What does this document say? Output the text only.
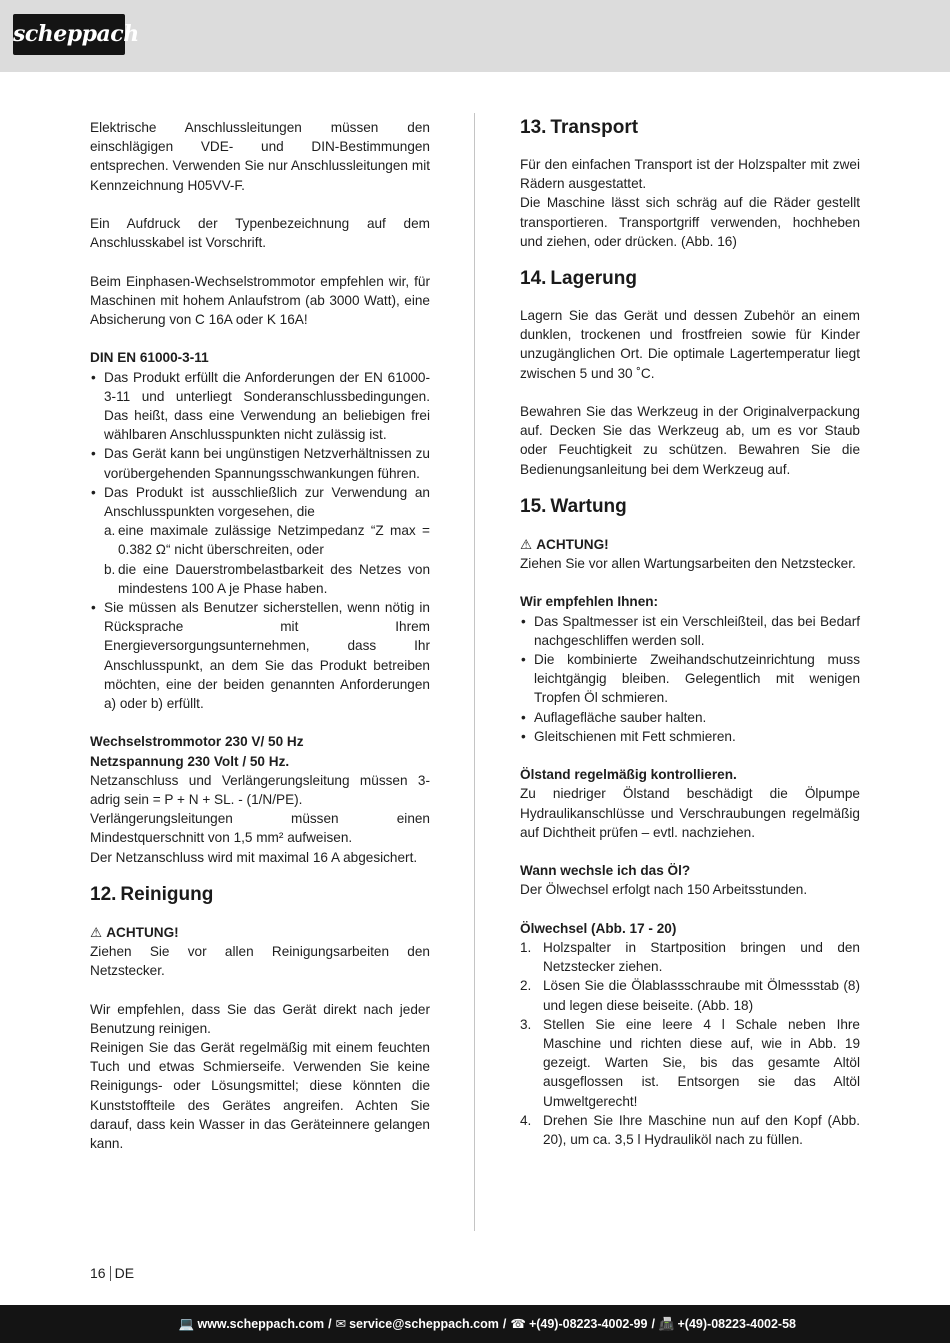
scheppach

Elektrische Anschlussleitungen müssen den einschlägigen VDE- und DIN-Bestimmungen entsprechen. Verwenden Sie nur Anschlussleitungen mit Kennzeichnung H05VV-F.

Ein Aufdruck der Typenbezeichnung auf dem Anschlusskabel ist Vorschrift.

Beim Einphasen-Wechselstrommotor empfehlen wir, für Maschinen mit hohem Anlaufstrom (ab 3000 Watt), eine Absicherung von C 16A oder K 16A!

DIN EN 61000-3-11

• Das Produkt erfüllt die Anforderungen der EN 61000-3-11 und unterliegt Sonderanschlussbedingungen. Das heißt, dass eine Verwendung an beliebigen frei wählbaren Anschlusspunkten nicht zulässig ist.
• Das Gerät kann bei ungünstigen Netzverhältnissen zu vorübergehenden Spannungsschwankungen führen.
• Das Produkt ist ausschließlich zur Verwendung an Anschlusspunkten vorgesehen, die
a. eine maximale zulässige Netzimpedanz “Z max = 0.382 Ω“ nicht überschreiten, oder
b. die eine Dauerstrombelastbarkeit des Netzes von mindestens 100 A je Phase haben.
• Sie müssen als Benutzer sicherstellen, wenn nötig in Rücksprache mit Ihrem Energieversorgungsunternehmen, dass Ihr Anschlusspunkt, an dem Sie das Produkt betreiben möchten, eine der beiden genannten Anforderungen a) oder b) erfüllt.

Wechselstrommotor 230 V/ 50 Hz

Netzspannung 230 Volt / 50 Hz.

Netzanschluss und Verlängerungsleitung müssen 3-adrig sein = P + N + SL. - (1/N/PE).

Verlängerungsleitungen müssen einen Mindestquerschnitt von 1,5 mm² aufweisen.

Der Netzanschluss wird mit maximal 16 A abgesichert.

12. Reinigung

⚠ ACHTUNG!

Ziehen Sie vor allen Reinigungsarbeiten den Netzstecker.

Wir empfehlen, dass Sie das Gerät direkt nach jeder Benutzung reinigen.

Reinigen Sie das Gerät regelmäßig mit einem feuchten Tuch und etwas Schmierseife. Verwenden Sie keine Reinigungs- oder Lösungsmittel; diese könnten die Kunststoffteile des Gerätes angreifen. Achten Sie darauf, dass kein Wasser in das Geräteinnere gelangen kann.

13. Transport

Für den einfachen Transport ist der Holzspalter mit zwei Rädern ausgestattet.

Die Maschine lässt sich schräg auf die Räder gestellt transportieren. Transportgriff verwenden, hochheben und ziehen, oder drücken. (Abb. 16)

14. Lagerung

Lagern Sie das Gerät und dessen Zubehör an einem dunklen, trockenen und frostfreien sowie für Kinder unzugänglichen Ort. Die optimale Lagertemperatur liegt zwischen 5 und 30 ˚C.

Bewahren Sie das Werkzeug in der Originalverpackung auf. Decken Sie das Werkzeug ab, um es vor Staub oder Feuchtigkeit zu schützen. Bewahren Sie die Bedienungsanleitung bei dem Werkzeug auf.

15. Wartung

⚠ ACHTUNG!

Ziehen Sie vor allen Wartungsarbeiten den Netzstecker.

Wir empfehlen Ihnen:

• Das Spaltmesser ist ein Verschleißteil, das bei Bedarf nachgeschliffen werden soll.
• Die kombinierte Zweihandschutzeinrichtung muss leichtgängig bleiben. Gelegentlich mit wenigen Tropfen Öl schmieren.
• Auflagefläche sauber halten.
• Gleitschienen mit Fett schmieren.

Ölstand regelmäßig kontrollieren.

Zu niedriger Ölstand beschädigt die Ölpumpe Hydraulikanschlüsse und Verschraubungen regelmäßig auf Dichtheit prüfen – evtl. nachziehen.

Wann wechsle ich das Öl?

Der Ölwechsel erfolgt nach 150 Arbeitsstunden.

Ölwechsel (Abb. 17 - 20)

1. Holzspalter in Startposition bringen und den Netzstecker ziehen.
2. Lösen Sie die Ölablassschraube mit Ölmessstab (8) und legen diese beiseite. (Abb. 18)
3. Stellen Sie eine leere 4 l Schale neben Ihre Maschine und richten diese auf, wie in Abb. 19 gezeigt. Warten Sie, bis das gesamte Altöl ausgeflossen ist. Entsorgen sie das Altöl Umweltgerecht!
4. Drehen Sie Ihre Maschine nun auf den Kopf (Abb. 20), um ca. 3,5 l Hydrauliköl nach zu füllen.
16 DE
💻 www.scheppach.com / ✉ service@scheppach.com / ☎ +(49)-08223-4002-99 / 📠 +(49)-08223-4002-58
